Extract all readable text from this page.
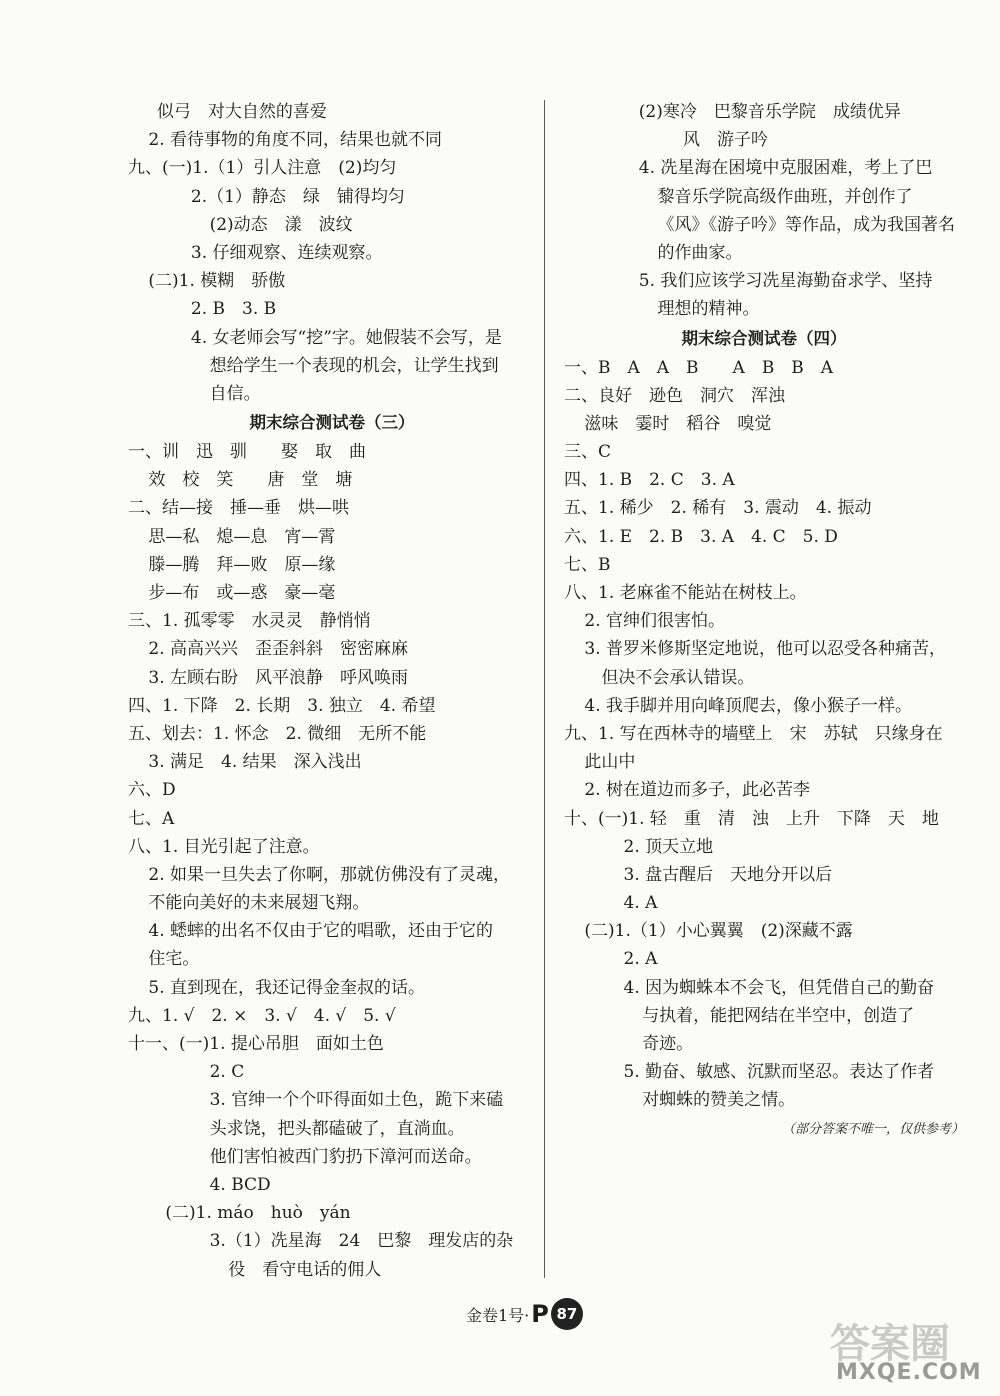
似弓　对大自然的喜爱
2. 看待事物的角度不同，结果也就不同
九、(一)1.（1）引人注意　(2)均匀
2.（1）静态　绿　铺得均匀
(2)动态　漾　波纹
3. 仔细观察、连续观察。
(二)1. 模糊　骄傲
2. B　3. B
4. 女老师会写“挖”字。她假装不会写，是
想给学生一个表现的机会，让学生找到
自信。
期末综合测试卷（三）
一、训　迅　驯　　娶　取　曲
效　校　笑　　唐　堂　塘
二、结—接　捶—垂　烘—哄
思—私　熄—息　宵—霄
滕—腾　拜—败　原—缘
步—布　或—惑　豪—毫
三、1. 孤零零　水灵灵　静悄悄
2. 高高兴兴　歪歪斜斜　密密麻麻
3. 左顾右盼　风平浪静　呼风唤雨
四、1. 下降　2. 长期　3. 独立　4. 希望
五、划去：1. 怀念　2. 微细　无所不能
3. 满足　4. 结果　深入浅出
六、D
七、A
八、1. 目光引起了注意。
2. 如果一旦失去了你啊，那就仿佛没有了灵魂，
不能向美好的未来展翅飞翔。
4. 蟋蟀的出名不仅由于它的唱歌，还由于它的
住宅。
5. 直到现在，我还记得金奎叔的话。
九、1. √　2. ×　3. √　4. √　5. √
十一、(一)1. 提心吊胆　面如土色
2. C
3. 官绅一个个吓得面如土色，跪下来磕
头求饶，把头都磕破了，直淌血。
他们害怕被西门豹扔下漳河而送命。
4. BCD
(二)1. máo　huò　yán
3.（1）冼星海　24　巴黎　理发店的杂
役　看守电话的佣人
(2)寒冷　巴黎音乐学院　成绩优异
风　游子吟
4. 冼星海在困境中克服困难，考上了巴
黎音乐学院高级作曲班，并创作了
《风》《游子吟》等作品，成为我国著名
的作曲家。
5. 我们应该学习冼星海勤奋求学、坚持
理想的精神。
期末综合测试卷（四）
一、B　A　A　B　　A　B　B　A
二、良好　逊色　洞穴　浑浊
滋味　霎时　稻谷　嗅觉
三、C
四、1. B　2. C　3. A
五、1. 稀少　2. 稀有　3. 震动　4. 振动
六、1. E　2. B　3. A　4. C　5. D
七、B
八、1. 老麻雀不能站在树枝上。
2. 官绅们很害怕。
3. 普罗米修斯坚定地说，他可以忍受各种痛苦，
但决不会承认错误。
4. 我手脚并用向峰顶爬去，像小猴子一样。
九、1. 写在西林寺的墙壁上　宋　苏轼　只缘身在
此山中
2. 树在道边而多子，此必苦李
十、(一)1. 轻　重　清　浊　上升　下降　天　地
2. 顶天立地
3. 盘古醒后　天地分开以后
4. A
(二)1.（1）小心翼翼　(2)深藏不露
2. A
4. 因为蜘蛛本不会飞，但凭借自己的勤奋
与执着，能把网结在半空中，创造了
奇迹。
5. 勤奋、敏感、沉默而坚忍。表达了作者
对蜘蛛的赞美之情。
（部分答案不唯一，仅供参考）
金卷1号· P 87
答案圈
MXQE.COM
